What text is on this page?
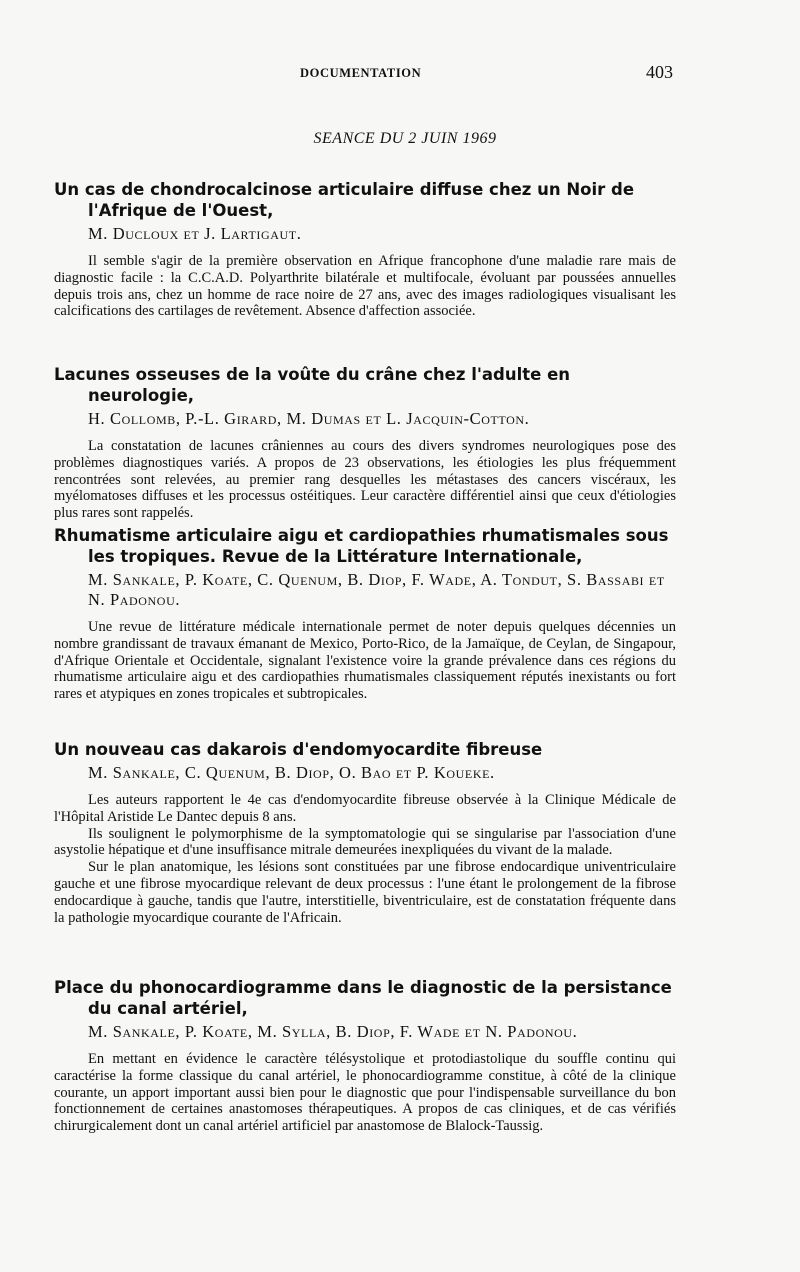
DOCUMENTATION	403
SEANCE DU 2 JUIN 1969
Un cas de chondrocalcinose articulaire diffuse chez un Noir de l'Afrique de l'Ouest,
M. Ducloux et J. Lartigaut.

Il semble s'agir de la première observation en Afrique francophone d'une maladie rare mais de diagnostic facile : la C.C.A.D. Polyarthrite bilatérale et multifocale, évoluant par poussées annuelles depuis trois ans, chez un homme de race noire de 27 ans, avec des images radiologiques visualisant les calcifications des cartilages de revêtement. Absence d'affection associée.

Lacunes osseuses de la voûte du crâne chez l'adulte en neurologie,
H. Collomb, P.-L. Girard, M. Dumas et L. Jacquin-Cotton.

La constatation de lacunes crâniennes au cours des divers syndromes neurologiques pose des problèmes diagnostiques variés. A propos de 23 observations, les étiologies les plus fréquemment rencontrées sont relevées, au premier rang desquelles les métastases des cancers viscéraux, les myélomatoses diffuses et les processus ostéitiques. Leur caractère différentiel ainsi que ceux d'étiologies plus rares sont rappelés.

Rhumatisme articulaire aigu et cardiopathies rhumatismales sous les tropiques. Revue de la Littérature Internationale,
M. Sankale, P. Koate, C. Quenum, B. Diop, F. Wade, A. Tondut, S. Bassabi et N. Padonou.

Une revue de littérature médicale internationale permet de noter depuis quelques décennies un nombre grandissant de travaux émanant de Mexico, Porto-Rico, de la Jamaïque, de Ceylan, de Singapour, d'Afrique Orientale et Occidentale, signalant l'existence voire la grande prévalence dans ces régions du rhumatisme articulaire aigu et des cardiopathies rhumatismales classiquement réputés inexistants ou fort rares et atypiques en zones tropicales et subtropicales.

Un nouveau cas dakarois d'endomyocardite fibreuse
M. Sankale, C. Quenum, B. Diop, O. Bao et P. Koueke.

Les auteurs rapportent le 4e cas d'endomyocardite fibreuse observée à la Clinique Médicale de l'Hôpital Aristide Le Dantec depuis 8 ans.

Ils soulignent le polymorphisme de la symptomatologie qui se singularise par l'association d'une asystolie hépatique et d'une insuffisance mitrale demeurées inexpliquées du vivant de la malade.

Sur le plan anatomique, les lésions sont constituées par une fibrose endocardique univentriculaire gauche et une fibrose myocardique relevant de deux processus : l'une étant le prolongement de la fibrose endocardique à gauche, tandis que l'autre, interstitielle, biventriculaire, est de constatation fréquente dans la pathologie myocardique courante de l'Africain.

Place du phonocardiogramme dans le diagnostic de la persistance du canal artériel,
M. Sankale, P. Koate, M. Sylla, B. Diop, F. Wade et N. Padonou.

En mettant en évidence le caractère télésystolique et protodiastolique du souffle continu qui caractérise la forme classique du canal artériel, le phonocardiogramme constitue, à côté de la clinique courante, un apport important aussi bien pour le diagnostic que pour l'indispensable surveillance du bon fonctionnement de certaines anastomoses thérapeutiques. A propos de cas cliniques, et de cas vérifiés chirurgicalement dont un canal artériel artificiel par anastomose de Blalock-Taussig.
